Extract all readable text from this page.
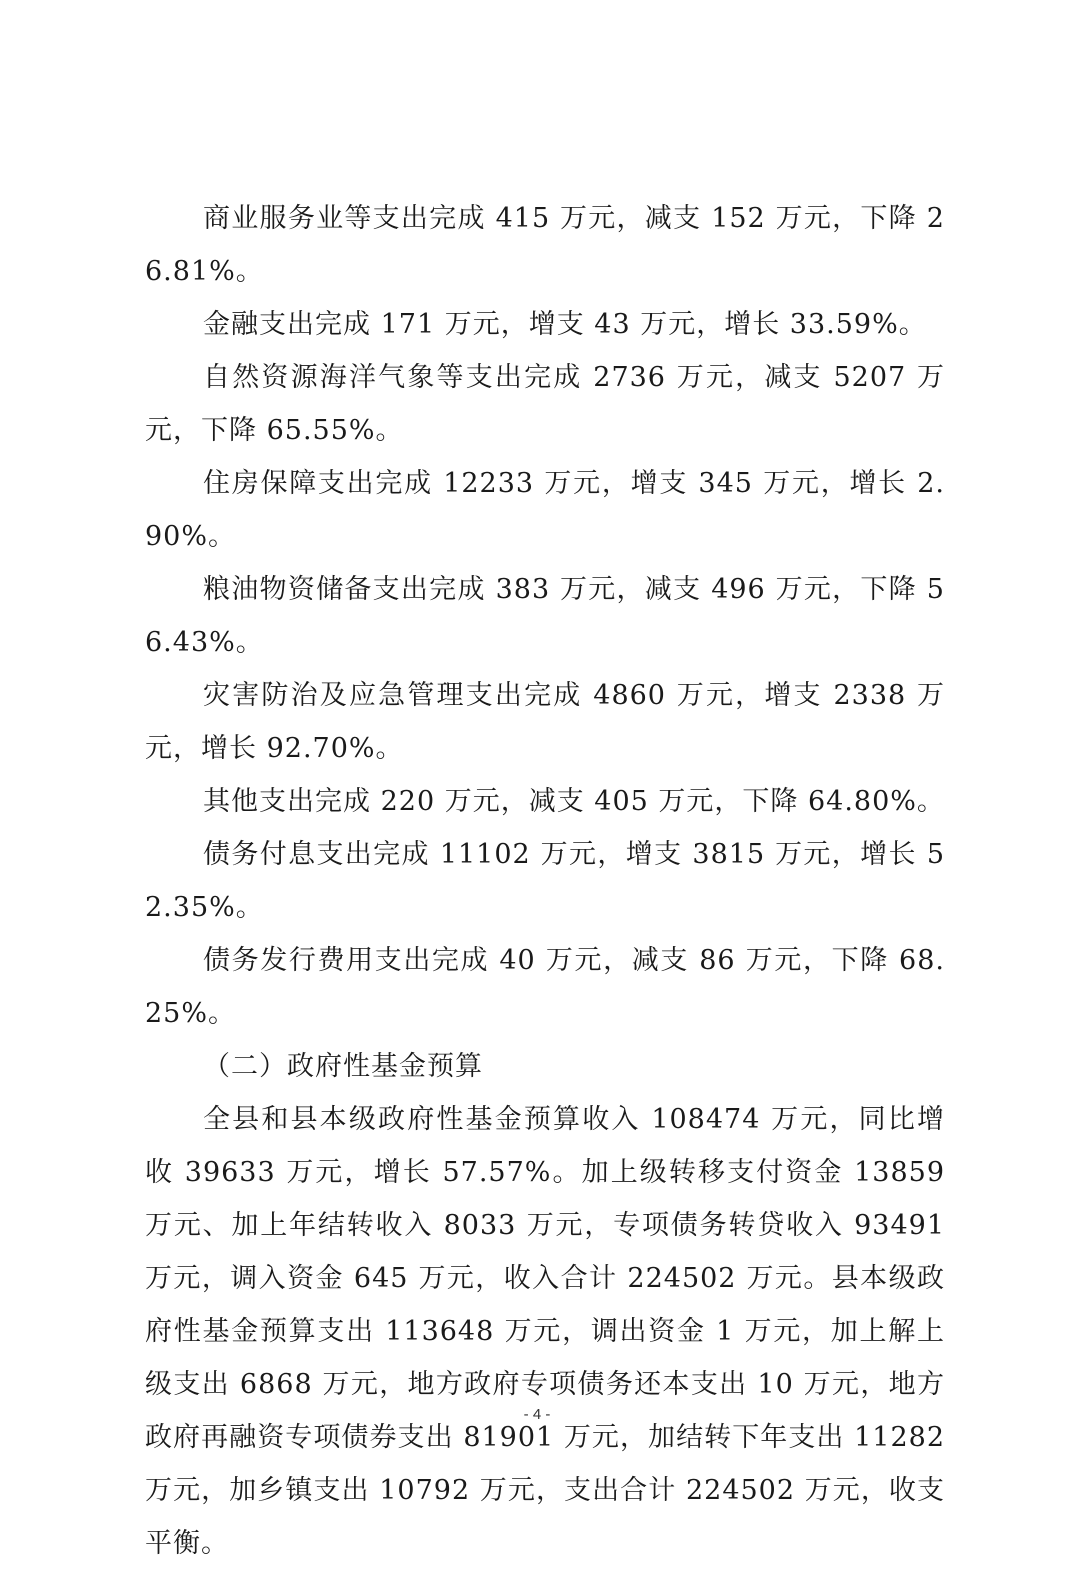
商业服务业等支出完成 415 万元，减支 152 万元，下降 26.81%。

金融支出完成 171 万元，增支 43 万元，增长 33.59%。

自然资源海洋气象等支出完成 2736 万元，减支 5207 万元，下降 65.55%。

住房保障支出完成 12233 万元，增支 345 万元，增长 2.90%。

粮油物资储备支出完成 383 万元，减支 496 万元，下降 56.43%。

灾害防治及应急管理支出完成 4860 万元，增支 2338 万元，增长 92.70%。

其他支出完成 220 万元，减支 405 万元，下降 64.80%。

债务付息支出完成 11102 万元，增支 3815 万元，增长 52.35%。

债务发行费用支出完成 40 万元，减支 86 万元，下降 68.25%。

（二）政府性基金预算

全县和县本级政府性基金预算收入 108474 万元，同比增收 39633 万元，增长 57.57%。加上级转移支付资金 13859 万元、加上年结转收入 8033 万元，专项债务转贷收入 93491 万元，调入资金 645 万元，收入合计 224502 万元。县本级政府性基金预算支出 113648 万元，调出资金 1 万元，加上解上级支出 6868 万元，地方政府专项债务还本支出 10 万元，地方政府再融资专项债券支出 81901 万元，加结转下年支出 11282 万元，加乡镇支出 10792 万元，支出合计 224502 万元，收支平衡。

- 4 -
